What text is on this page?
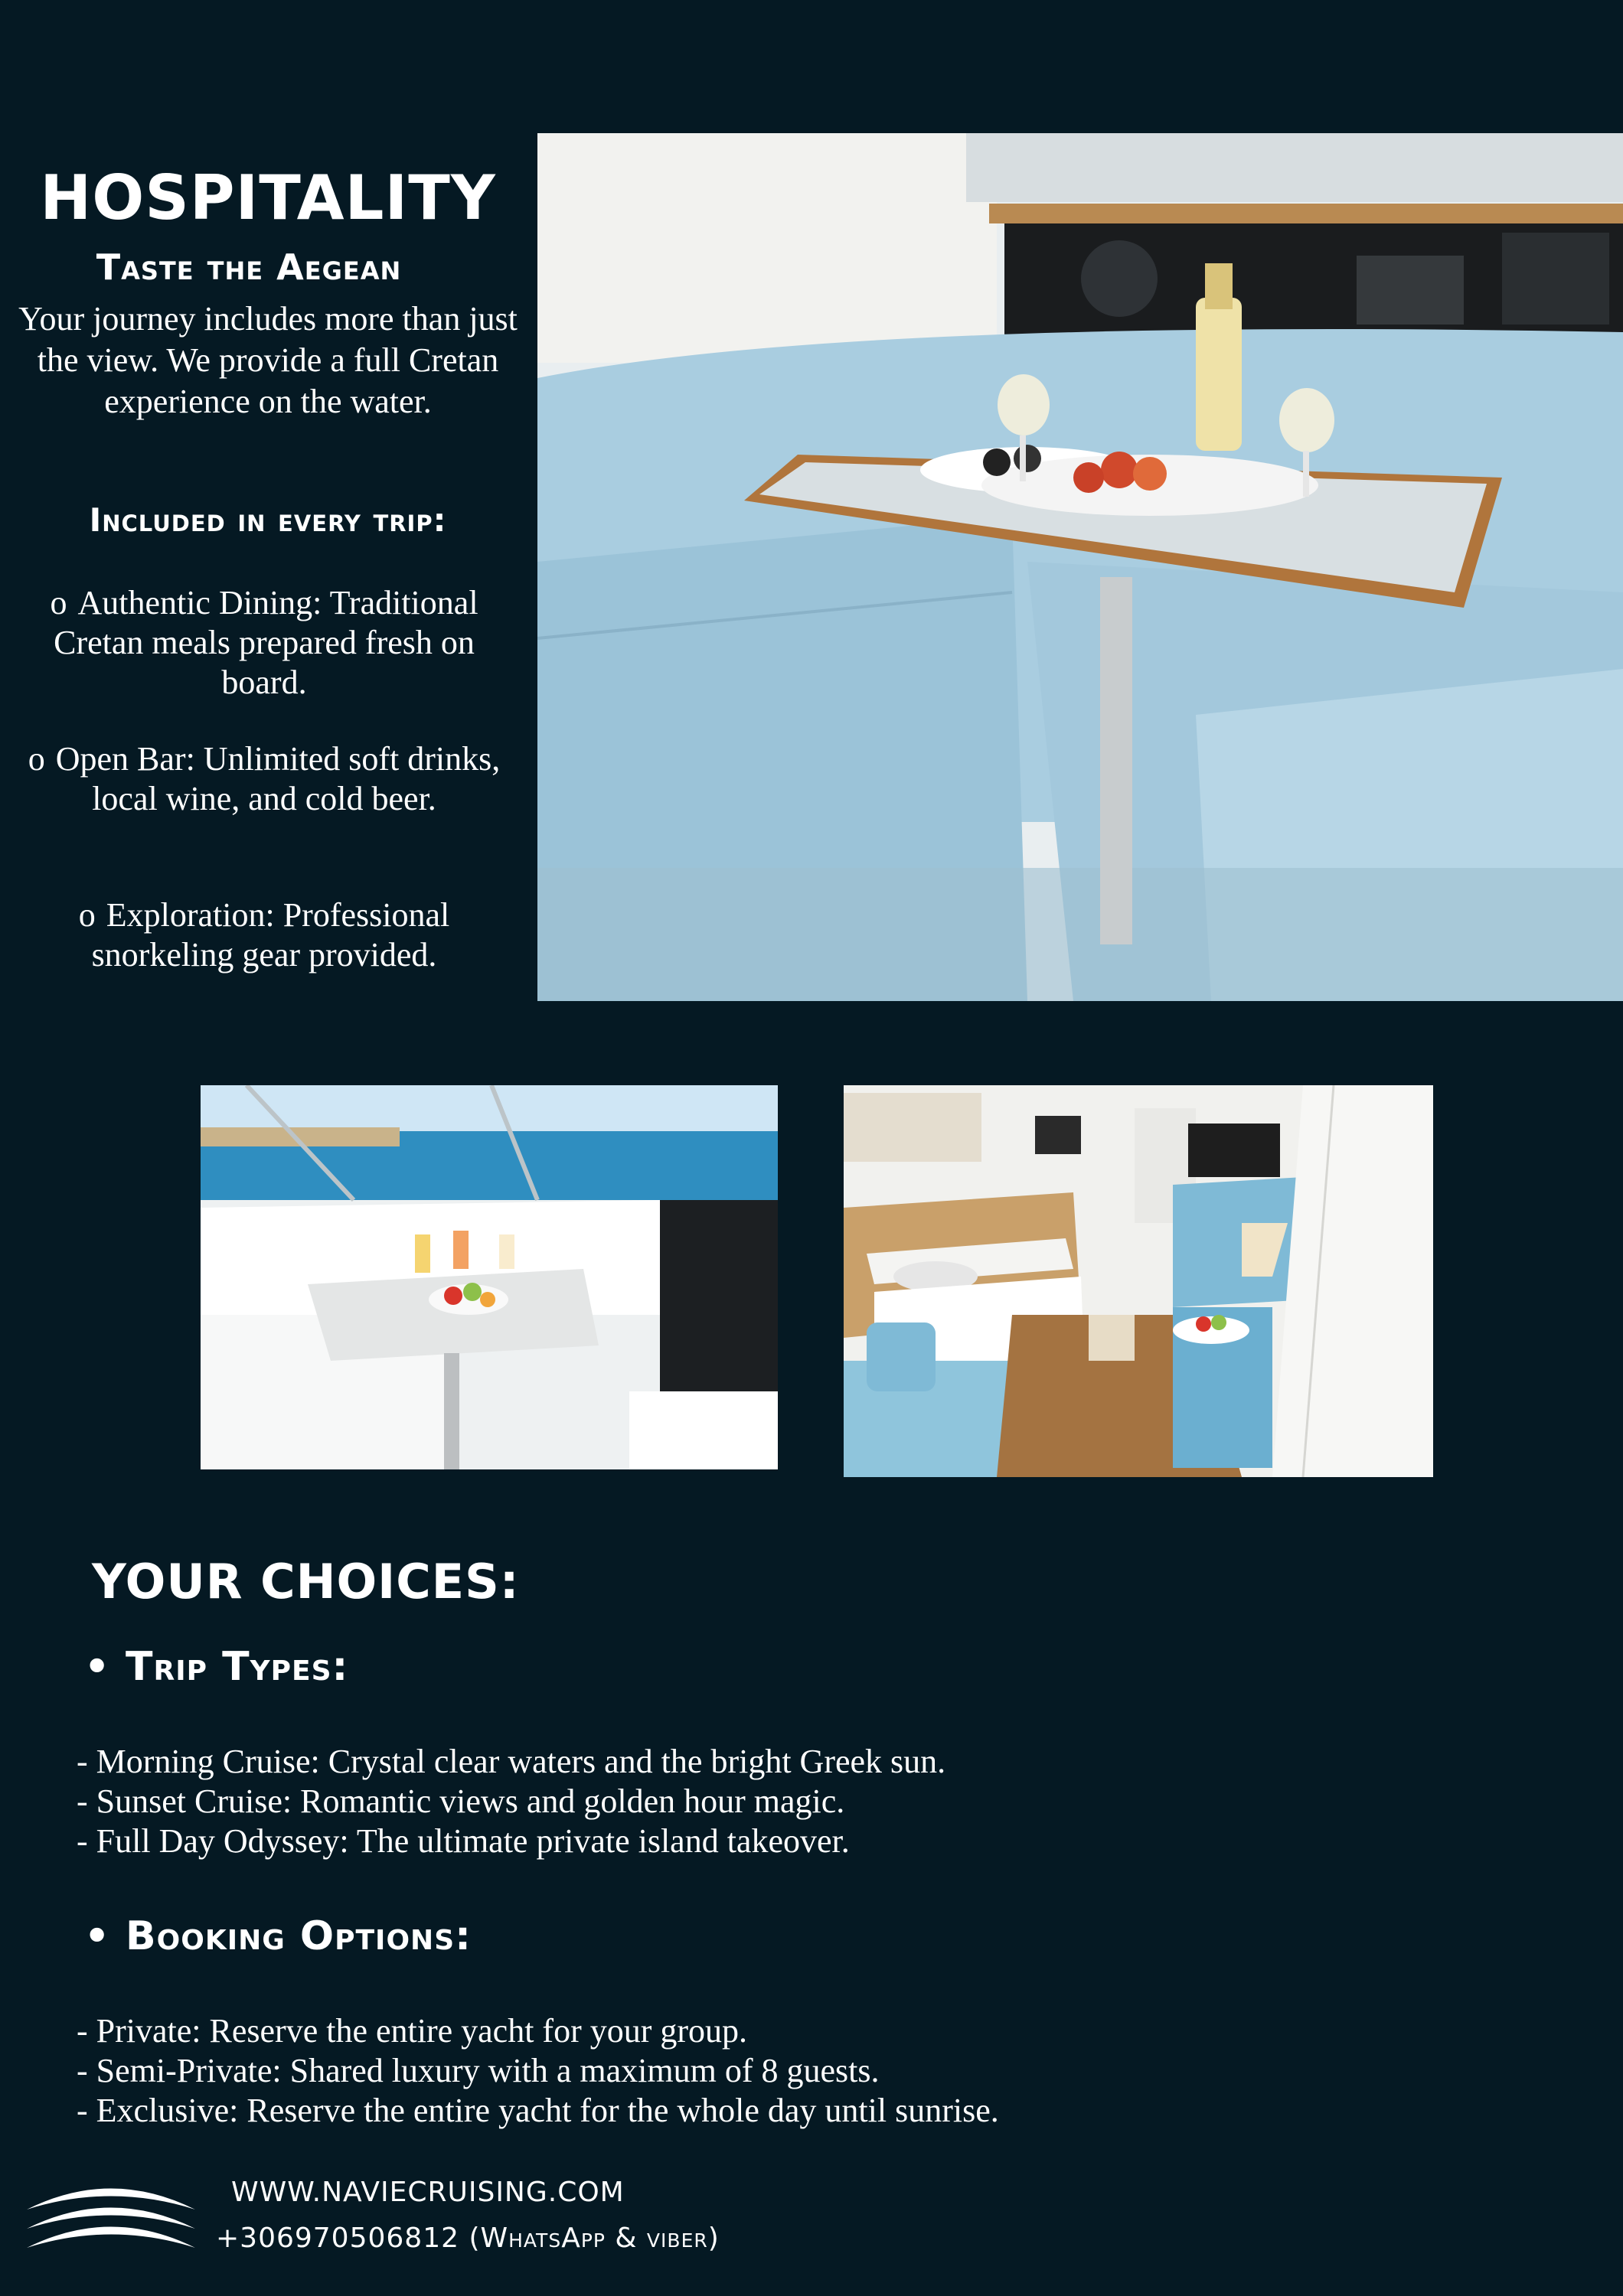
HOSPITALITY
Taste the Aegean
Your journey includes more than just the view. We provide a full Cretan experience on the water.
Included in every trip:
o Authentic Dining: Traditional Cretan meals prepared fresh on board.
o Open Bar: Unlimited soft drinks, local wine, and cold beer.
o Exploration: Professional snorkeling gear provided.
YOUR CHOICES:
• Trip Types:
- Morning Cruise: Crystal clear waters and the bright Greek sun.
- Sunset Cruise: Romantic views and golden hour magic.
- Full Day Odyssey: The ultimate private island takeover.
• Booking Options:
- Private: Reserve the entire yacht for your group.
- Semi-Private: Shared luxury with a maximum of 8 guests.
- Exclusive: Reserve the entire yacht for the whole day until sunrise.
WWW.NAVIECRUISING.COM
+306970506812 (WhatsApp & viber)
